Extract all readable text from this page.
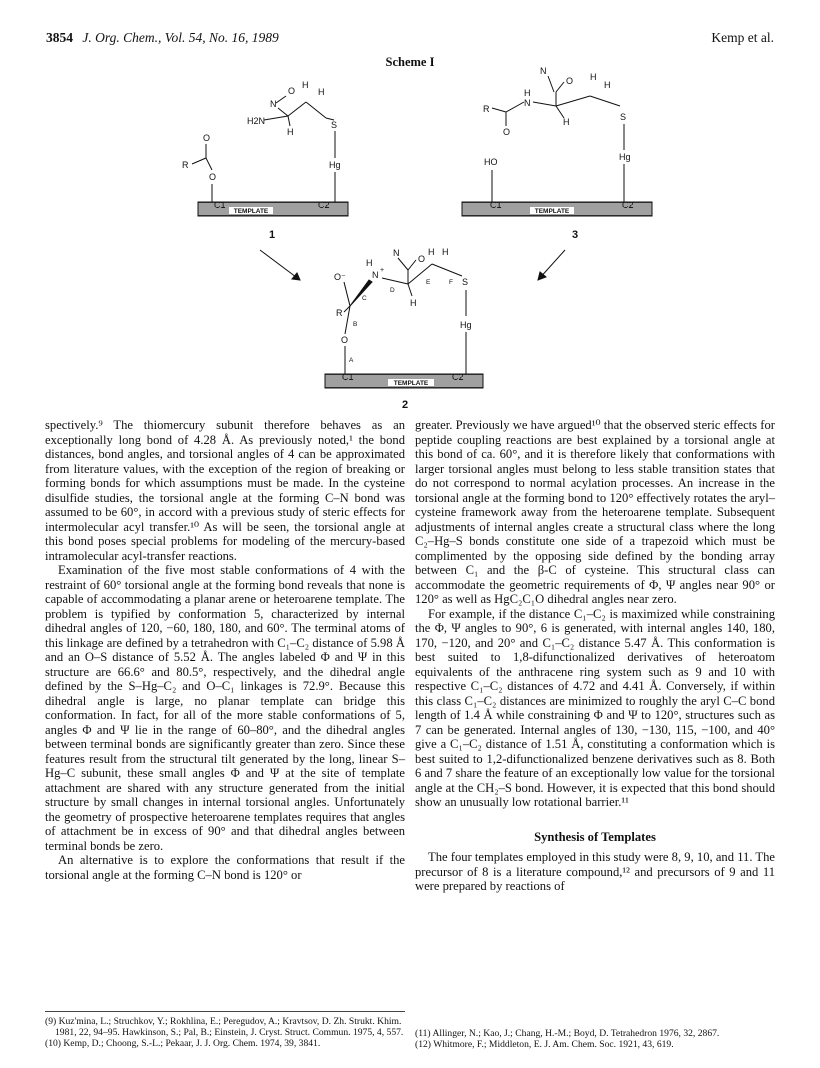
3854 J. Org. Chem., Vol. 54, No. 16, 1989	Kemp et al.
Scheme I
TEMPLATE
C1	C2
R
O
O
N
O
H2N
H
H
H
S
Hg
1
TEMPLATE
C1	C2
HO
R
O
H
N
N
O
H
H
H
S
Hg
3
TEMPLATE
C1	C2
A
O
B
R
O⁻
C
N +
H
N
O
D
H
E
H H
F S
Hg
2

spectively.⁹ The thiomercury subunit therefore behaves as an exceptionally long bond of 4.28 Å. As previously noted,¹ the bond distances, bond angles, and torsional angles of 4 can be approximated from literature values, with the exception of the region of breaking or forming bonds for which assumptions must be made. In the cysteine disulfide studies, the torsional angle at the forming C–N bond was assumed to be 60°, in accord with a previous study of steric effects for intermolecular acyl transfer.¹⁰ As will be seen, the torsional angle at this bond poses special problems for modeling of the mercury-based intramolecular acyl-transfer reactions.

Examination of the five most stable conformations of 4 with the restraint of 60° torsional angle at the forming bond reveals that none is capable of accommodating a planar arene or heteroarene template. The problem is typified by conformation 5, characterized by internal dihedral angles of 120, −60, 180, 180, and 60°. The terminal atoms of this linkage are defined by a tetrahedron with C₁–C₂ distance of 5.98 Å and an O–S distance of 5.52 Å. The angles labeled Φ and Ψ in this structure are 66.6° and 80.5°, respectively, and the dihedral angle defined by the S–Hg–C₂ and O–C₁ linkages is 72.9°. Because this dihedral angle is large, no planar template can bridge this conformation. In fact, for all of the more stable conformations of 5, angles Φ and Ψ lie in the range of 60–80°, and the dihedral angles between terminal bonds are significantly greater than zero. Since these features result from the structural tilt generated by the long, linear S–Hg–C subunit, these small angles Φ and Ψ at the site of template attachment are shared with any structure generated from the initial structure by small changes in internal torsional angles. Unfortunately the geometry of prospective heteroarene templates requires that angles of attachment be in excess of 90° and that dihedral angles between terminal bonds be zero.

An alternative is to explore the conformations that result if the torsional angle at the forming C–N bond is 120° or

greater. Previously we have argued¹⁰ that the observed steric effects for peptide coupling reactions are best explained by a torsional angle at this bond of ca. 60°, and it is therefore likely that conformations with larger torsional angles must belong to less stable transition states that do not correspond to normal acylation processes. An increase in the torsional angle at the forming bond to 120° effectively rotates the aryl–cysteine framework away from the heteroarene template. Subsequent adjustments of internal angles create a structural class where the long C₂–Hg–S bonds constitute one side of a trapezoid which must be complimented by the opposing side defined by the bonding array between C₁ and the β-C of cysteine. This structural class can accommodate the geometric requirements of Φ, Ψ angles near 90° or 120° as well as HgC₂C₁O dihedral angles near zero.

For example, if the distance C₁–C₂ is maximized while constraining the Φ, Ψ angles to 90°, 6 is generated, with internal angles 140, 180, 170, −120, and 20° and C₁–C₂ distance 5.47 Å. This conformation is best suited to 1,8-difunctionalized derivatives of heteroatom equivalents of the anthracene ring system such as 9 and 10 with respective C₁–C₂ distances of 4.72 and 4.41 Å. Conversely, if within this class C₁–C₂ distances are minimized to roughly the aryl C–C bond length of 1.4 Å while constraining Φ and Ψ to 120°, structures such as 7 can be generated. Internal angles of 130, −130, 115, −100, and 40° give a C₁–C₂ distance of 1.51 Å, constituting a conformation which is best suited to 1,2-difunctionalized benzene derivatives such as 8. Both 6 and 7 share the feature of an exceptionally low value for the torsional angle at the CH₂–S bond. However, it is expected that this bond should show an unusually low rotational barrier.¹¹

Synthesis of Templates

The four templates employed in this study were 8, 9, 10, and 11. The precursor of 8 is a literature compound,¹² and precursors of 9 and 11 were prepared by reactions of

(9) Kuz'mina, L.; Struchkov, Y.; Rokhlina, E.; Peregudov, A.; Kravtsov, D. Zh. Strukt. Khim. 1981, 22, 94–95. Hawkinson, S.; Pal, B.; Einstein, J. Cryst. Struct. Commun. 1975, 4, 557.

(10) Kemp, D.; Choong, S.-L.; Pekaar, J. J. Org. Chem. 1974, 39, 3841.

(11) Allinger, N.; Kao, J.; Chang, H.-M.; Boyd, D. Tetrahedron 1976, 32, 2867.

(12) Whitmore, F.; Middleton, E. J. Am. Chem. Soc. 1921, 43, 619.
